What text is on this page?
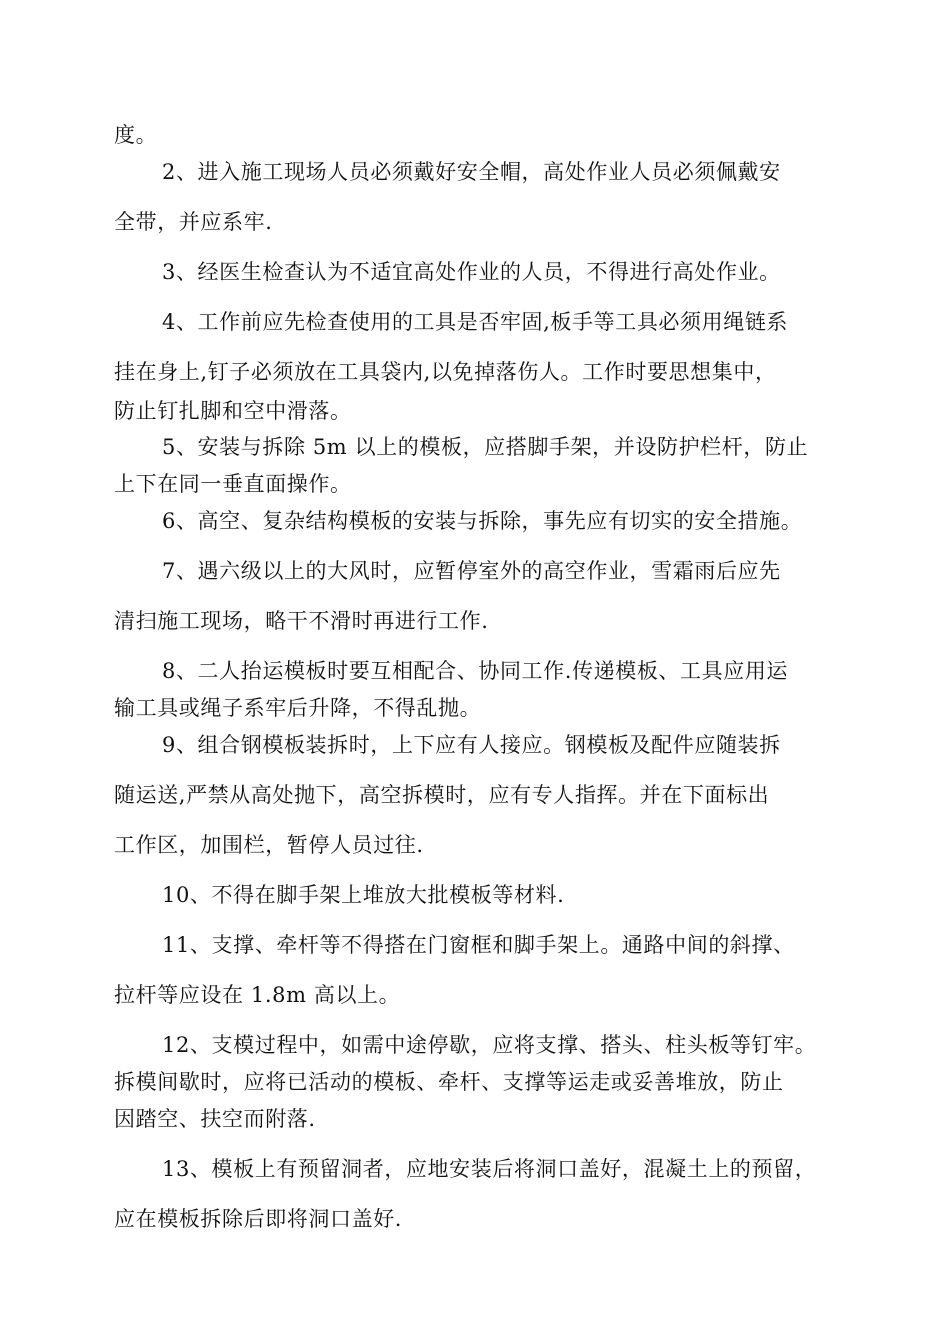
度。
2、进入施工现场人员必须戴好安全帽，高处作业人员必须佩戴安
全带，并应系牢.
3、经医生检查认为不适宜高处作业的人员，不得进行高处作业。
4、工作前应先检查使用的工具是否牢固,板手等工具必须用绳链系
挂在身上,钉子必须放在工具袋内,以免掉落伤人。工作时要思想集中，
防止钉扎脚和空中滑落。
5、安装与拆除 5m 以上的模板，应搭脚手架，并设防护栏杆，防止
上下在同一垂直面操作。
6、高空、复杂结构模板的安装与拆除，事先应有切实的安全措施。
7、遇六级以上的大风时，应暂停室外的高空作业，雪霜雨后应先
清扫施工现场，略干不滑时再进行工作.
8、二人抬运模板时要互相配合、协同工作.传递模板、工具应用运
输工具或绳子系牢后升降，不得乱抛。
9、组合钢模板装拆时，上下应有人接应。钢模板及配件应随装拆
随运送,严禁从高处抛下，高空拆模时，应有专人指挥。并在下面标出
工作区，加围栏，暂停人员过往.
10、不得在脚手架上堆放大批模板等材料.
11、支撑、牵杆等不得搭在门窗框和脚手架上。通路中间的斜撑、
拉杆等应设在 1.8m 高以上。
12、支模过程中，如需中途停歇，应将支撑、搭头、柱头板等钉牢。
拆模间歇时，应将已活动的模板、牵杆、支撑等运走或妥善堆放，防止
因踏空、扶空而附落.
13、模板上有预留洞者，应地安装后将洞口盖好，混凝土上的预留，
应在模板拆除后即将洞口盖好.
